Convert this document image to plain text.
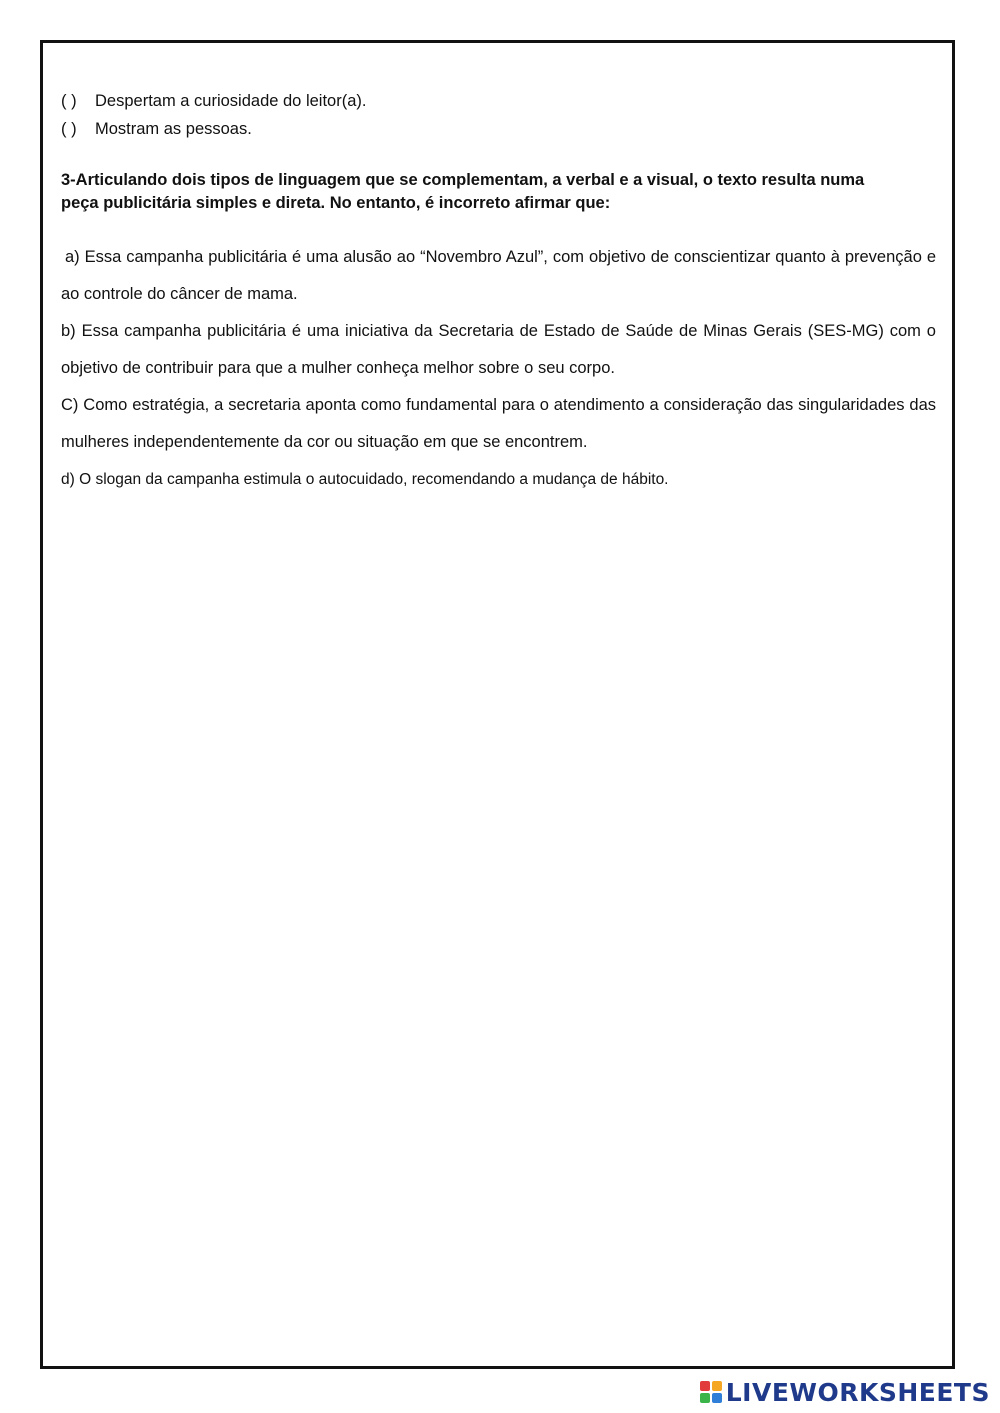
( )	Despertam a curiosidade do leitor(a).
( )	Mostram as pessoas.
3-Articulando dois tipos de linguagem que se complementam, a verbal e a visual, o texto resulta numa peça publicitária simples e direta. No entanto, é incorreto afirmar que:
a) Essa campanha publicitária é uma alusão ao “Novembro Azul”, com objetivo de conscientizar quanto à prevenção e ao controle do câncer de mama.
b) Essa campanha publicitária é uma iniciativa da Secretaria de Estado de Saúde de Minas Gerais (SES-MG) com o objetivo de contribuir para que a mulher conheça melhor sobre o seu corpo.
C) Como estratégia, a secretaria aponta como fundamental para o atendimento a consideração das singularidades das mulheres independentemente da cor ou situação em que se encontrem.
d) O slogan da campanha estimula o autocuidado, recomendando a mudança de hábito.
LIVEWORKSHEETS
